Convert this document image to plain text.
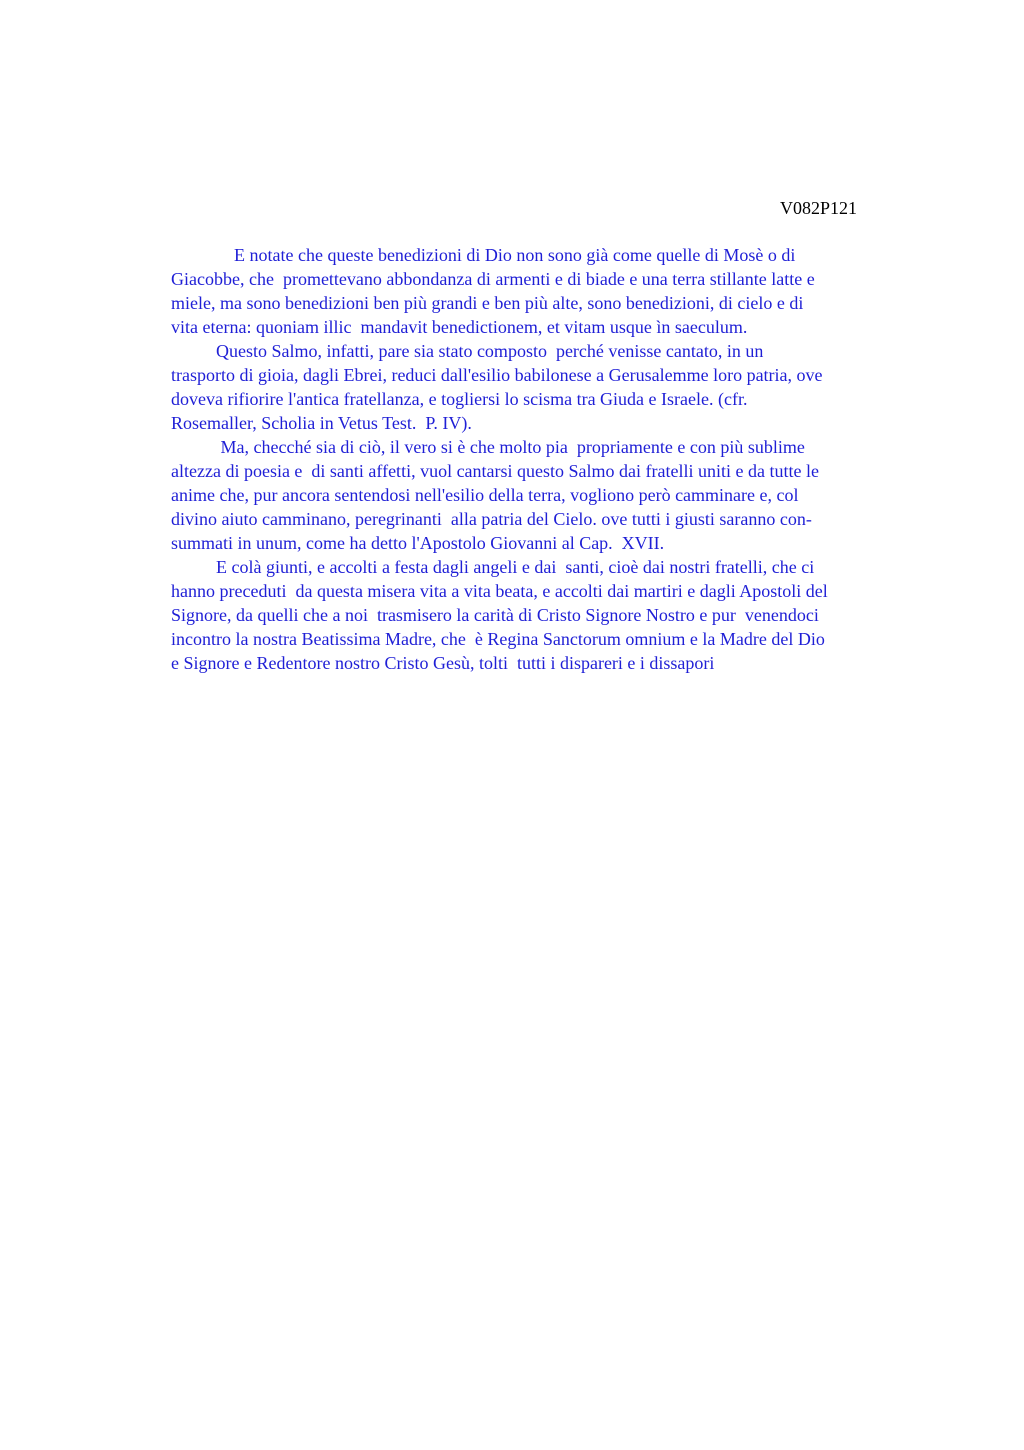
V082P121
E notate che queste benedizioni di Dio non sono già come quelle di Mosè o di
Giacobbe, che  promettevano abbondanza di armenti e di biade e una terra stillante latte e
miele, ma sono benedizioni ben più grandi e ben più alte, sono benedizioni, di cielo e di
vita eterna: quoniam illic  mandavit benedictionem, et vitam usque ìn saeculum.
Questo Salmo, infatti, pare sia stato composto  perché venisse cantato, in un
trasporto di gioia, dagli Ebrei, reduci dall'esilio babilonese a Gerusalemme loro patria, ove
doveva rifiorire l'antica fratellanza, e togliersi lo scisma tra Giuda e Israele. (cfr.
Rosemaller, Scholia in Vetus Test.  P. IV).
Ma, checché sia di ciò, il vero si è che molto pia  propriamente e con più sublime
altezza di poesia e  di santi affetti, vuol cantarsi questo Salmo dai fratelli uniti e da tutte le
anime che, pur ancora sentendosi nell'esilio della terra, vogliono però camminare e, col
divino aiuto camminano, peregrinanti  alla patria del Cielo. ove tutti i giusti saranno con-
summati in unum, come ha detto l'Apostolo Giovanni al Cap.  XVII.
E colà giunti, e accolti a festa dagli angeli e dai  santi, cioè dai nostri fratelli, che ci
hanno preceduti  da questa misera vita a vita beata, e accolti dai martiri e dagli Apostoli del
Signore, da quelli che a noi  trasmisero la carità di Cristo Signore Nostro e pur  venendoci
incontro la nostra Beatissima Madre, che  è Regina Sanctorum omnium e la Madre del Dio
e Signore e Redentore nostro Cristo Gesù, tolti  tutti i dispareri e i dissapori
